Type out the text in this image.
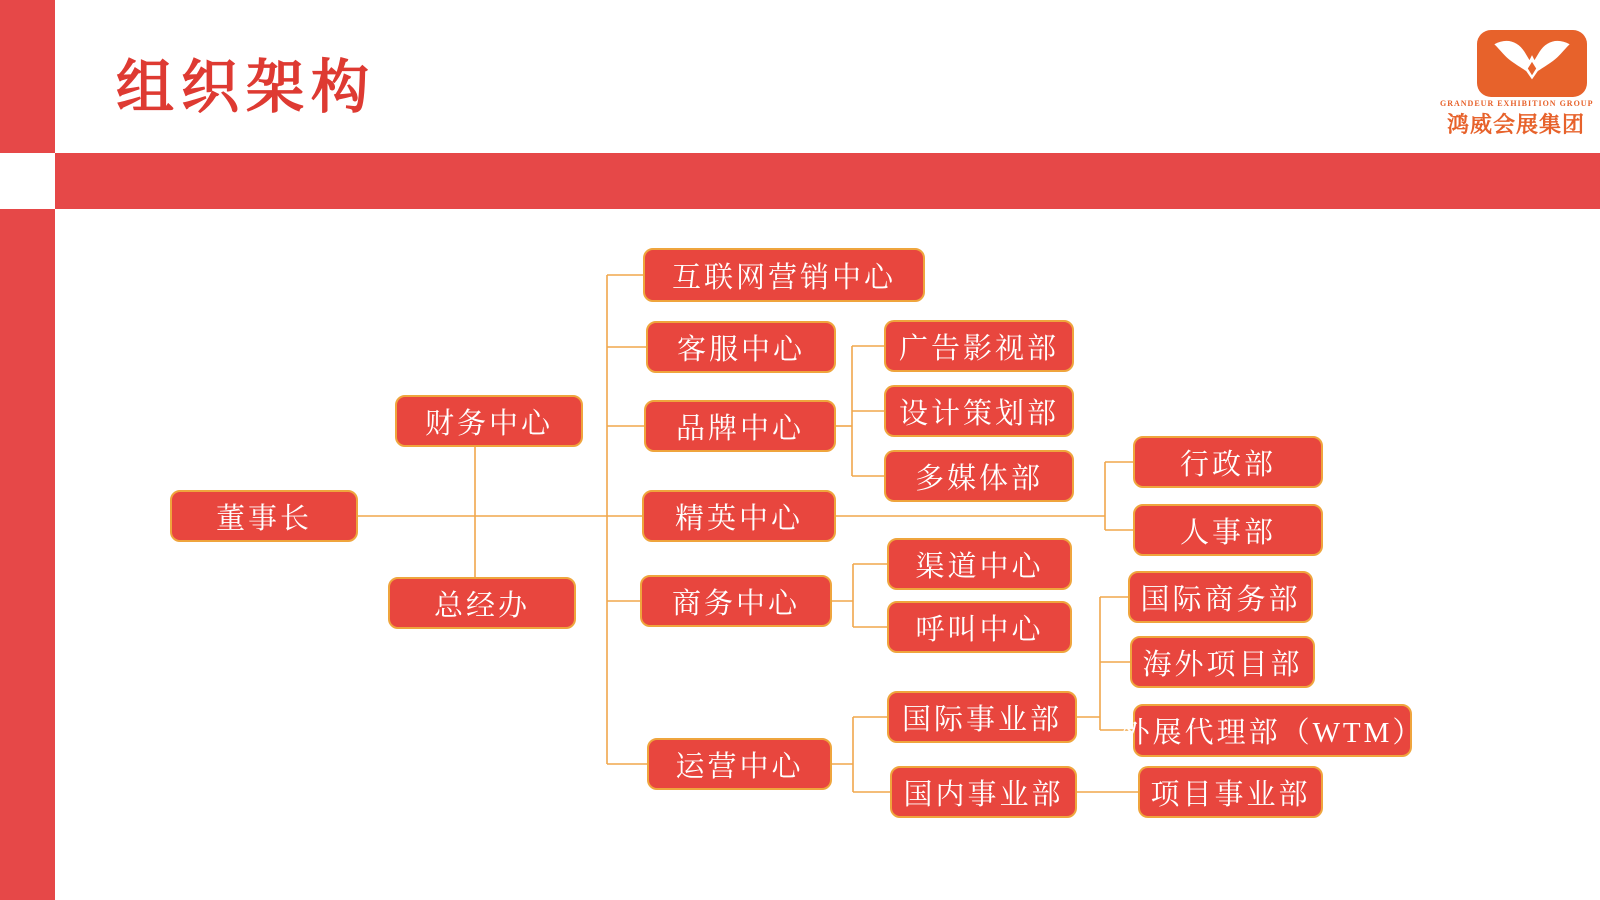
组织架构	GRANDEUR EXHIBITION GROUP
鸿威会展集团
董事长
财务中心
总经办
互联网营销中心
客服中心
品牌中心
精英中心
商务中心
运营中心
广告影视部
设计策划部
多媒体部	行政部
人事部
渠道中心
呼叫中心
国际事业部
国内事业部
国际商务部
海外项目部
外展代理部（WTM）
项目事业部
